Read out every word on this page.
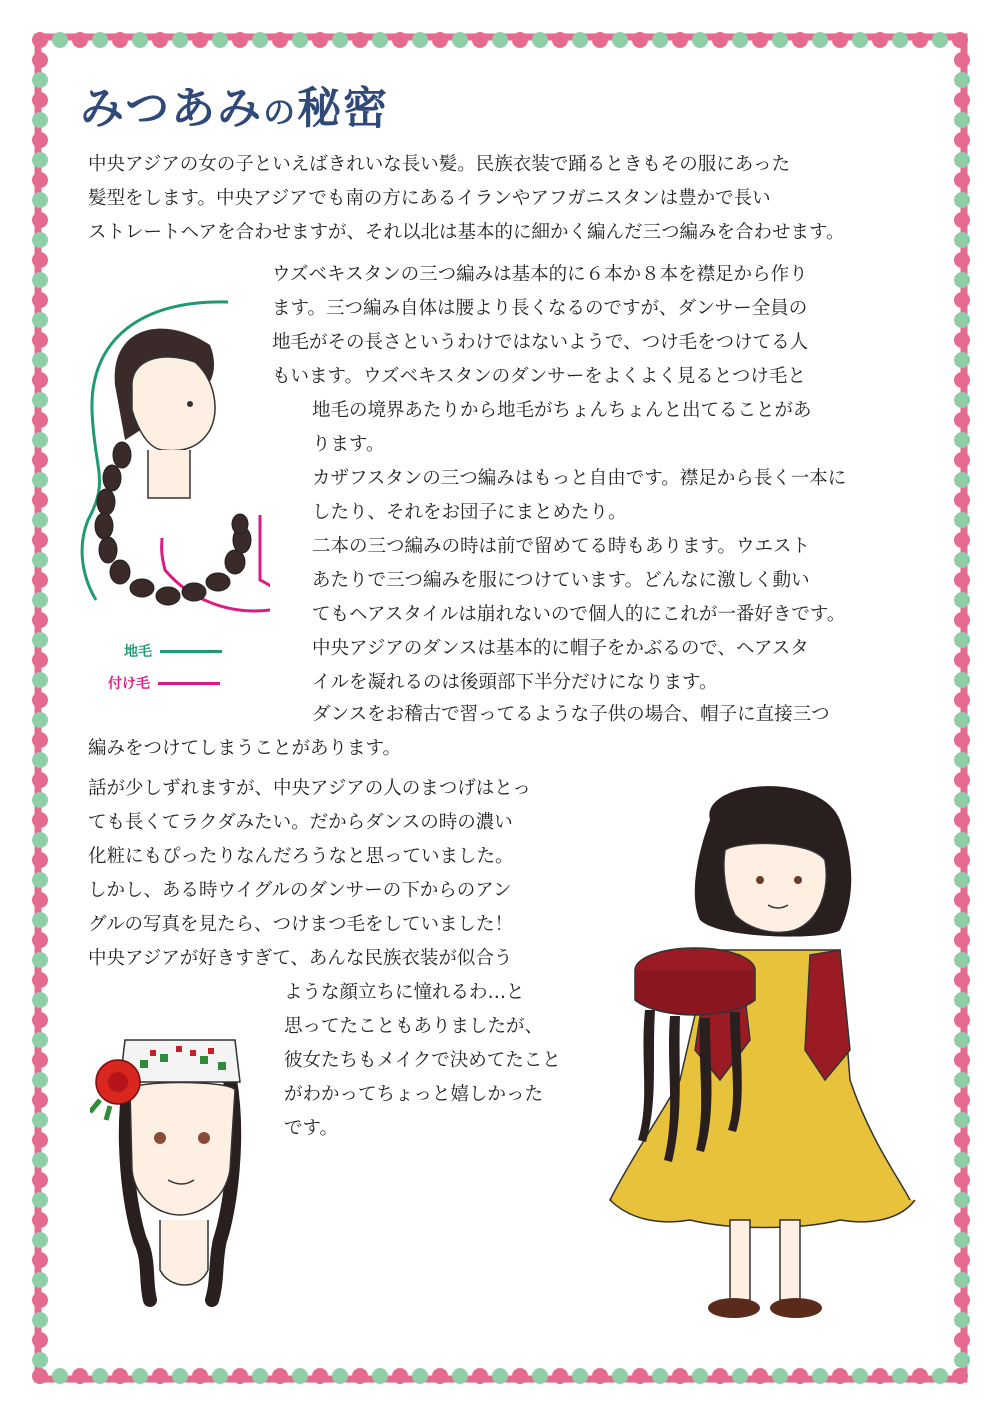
みつあみの秘密
中央アジアの女の子といえばきれいな長い髪。民族衣装で踊るときもその服にあった
髪型をします。中央アジアでも南の方にあるイランやアフガニスタンは豊かで長い
ストレートヘアを合わせますが、それ以北は基本的に細かく編んだ三つ編みを合わせます。
ウズベキスタンの三つ編みは基本的に６本か８本を襟足から作り
ます。三つ編み自体は腰より長くなるのですが、ダンサー全員の
地毛がその長さというわけではないようで、つけ毛をつけてる人
もいます。ウズベキスタンのダンサーをよくよく見るとつけ毛と
地毛の境界あたりから地毛がちょんちょんと出てることがあ
ります。
カザフスタンの三つ編みはもっと自由です。襟足から長く一本に
したり、それをお団子にまとめたり。
二本の三つ編みの時は前で留めてる時もあります。ウエスト
あたりで三つ編みを服につけています。どんなに激しく動い
てもヘアスタイルは崩れないので個人的にこれが一番好きです。
中央アジアのダンスは基本的に帽子をかぶるので、ヘアスタ
イルを凝れるのは後頭部下半分だけになります。
ダンスをお稽古で習ってるような子供の場合、帽子に直接三つ
編みをつけてしまうことがあります。
話が少しずれますが、中央アジアの人のまつげはとっ
ても長くてラクダみたい。だからダンスの時の濃い
化粧にもぴったりなんだろうなと思っていました。
しかし、ある時ウイグルのダンサーの下からのアン
グルの写真を見たら、つけまつ毛をしていました！
中央アジアが好きすぎて、あんな民族衣装が似合う
ような顔立ちに憧れるわ…と
思ってたこともありましたが、
彼女たちもメイクで決めてたこと
がわかってちょっと嬉しかった
です。
地毛
付け毛
